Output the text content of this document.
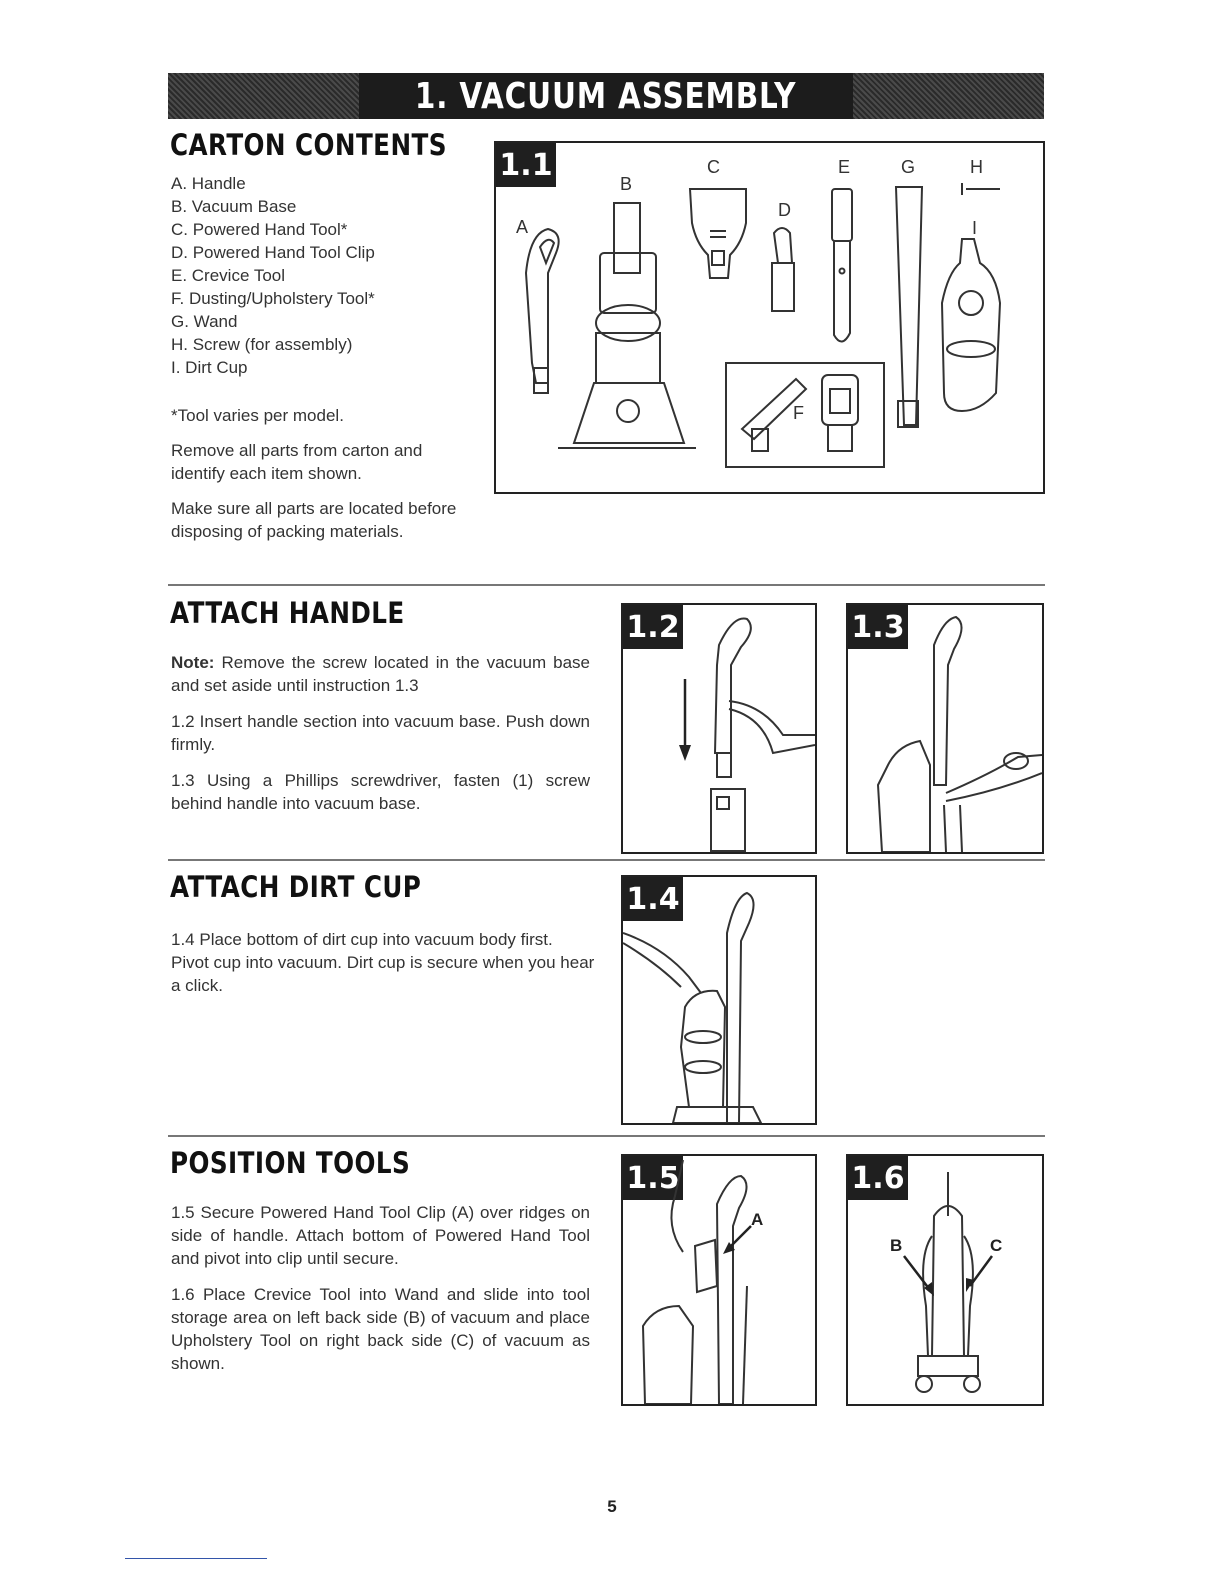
1. VACUUM ASSEMBLY
CARTON CONTENTS
A. Handle
B. Vacuum Base
C. Powered Hand Tool*
D. Powered Hand Tool Clip
E. Crevice Tool
F. Dusting/Upholstery Tool*
G. Wand
H. Screw (for assembly)
I. Dirt Cup

*Tool varies per model.

Remove all parts from carton and identify each item shown.

Make sure all parts are located before disposing of packing materials.

1.1
A
B
C
D
E
F
G	H
I
ATTACH HANDLE

Note: Remove the screw located in the vacuum base and set aside until instruction 1.3

1.2 Insert handle section into vacuum base. Push down firmly.

1.3 Using a Phillips screwdriver, fasten (1) screw behind handle into vacuum base.

1.2	1.3
ATTACH DIRT CUP

1.4 Place bottom of dirt cup into vacuum body first. Pivot cup into vacuum. Dirt cup is secure when you hear a click.

1.4
POSITION TOOLS

1.5 Secure Powered Hand Tool Clip (A) over ridges on side of handle. Attach bottom of Powered Hand Tool and pivot into clip until secure.

1.6 Place Crevice Tool into Wand and slide into tool storage area on left back side (B) of vacuum and place Upholstery Tool on right back side (C) of vacuum as shown.

1.5
A
1.6
B	C
5
